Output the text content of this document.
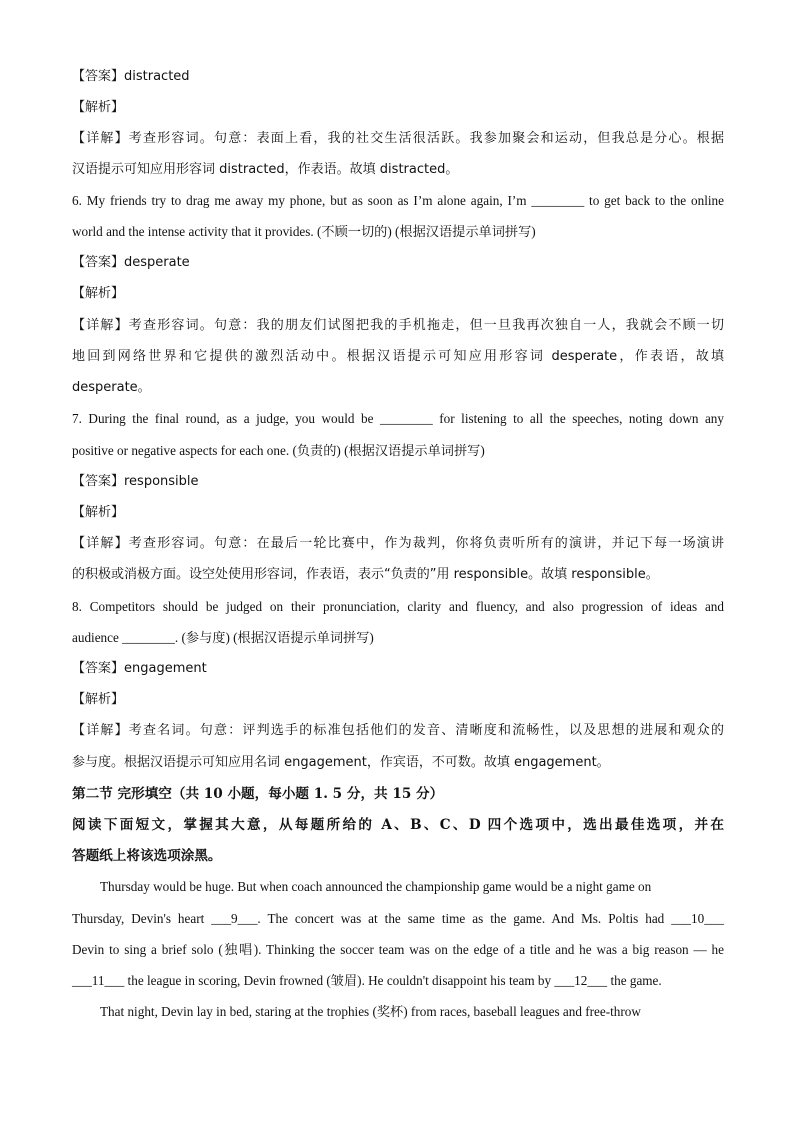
【答案】distracted
【解析】
【详解】考查形容词。句意：表面上看，我的社交生活很活跃。我参加聚会和运动，但我总是分心。根据
汉语提示可知应用形容词 distracted，作表语。故填 distracted。
6. My friends try to drag me away my phone, but as soon as I’m alone again, I’m ________ to get back to the online
world and the intense activity that it provides. (不顾一切的) (根据汉语提示单词拼写)
【答案】desperate
【解析】
【详解】考查形容词。句意：我的朋友们试图把我的手机拖走，但一旦我再次独自一人，我就会不顾一切
地回到网络世界和它提供的激烈活动中。根据汉语提示可知应用形容词 desperate，作表语，故填
desperate。
7. During the final round, as a judge, you would be ________ for listening to all the speeches, noting down any
positive or negative aspects for each one. (负责的) (根据汉语提示单词拼写)
【答案】responsible
【解析】
【详解】考查形容词。句意：在最后一轮比赛中，作为裁判，你将负责听所有的演讲，并记下每一场演讲
的积极或消极方面。设空处使用形容词，作表语，表示“负责的”用 responsible。故填 responsible。
8. Competitors should be judged on their pronunciation, clarity and fluency, and also progression of ideas and
audience ________. (参与度) (根据汉语提示单词拼写)
【答案】engagement
【解析】
【详解】考查名词。句意：评判选手的标准包括他们的发音、清晰度和流畅性，以及思想的进展和观众的
参与度。根据汉语提示可知应用名词 engagement，作宾语，不可数。故填 engagement。
第二节 完形填空（共 10 小题，每小题 1. 5 分，共 15 分）
阅读下面短文，掌握其大意，从每题所给的 A、B、C、D 四个选项中，选出最佳选项，并在
答题纸上将该选项涂黑。
Thursday would be huge. But when coach announced the championship game would be a night game on
Thursday, Devin's heart ___9___. The concert was at the same time as the game. And Ms. Poltis had ___10___
Devin to sing a brief solo (独唱). Thinking the soccer team was on the edge of a title and he was a big reason — he
___11___ the league in scoring, Devin frowned (皱眉). He couldn't disappoint his team by ___12___ the game.
That night, Devin lay in bed, staring at the trophies (奖杯) from races, baseball leagues and free-throw
